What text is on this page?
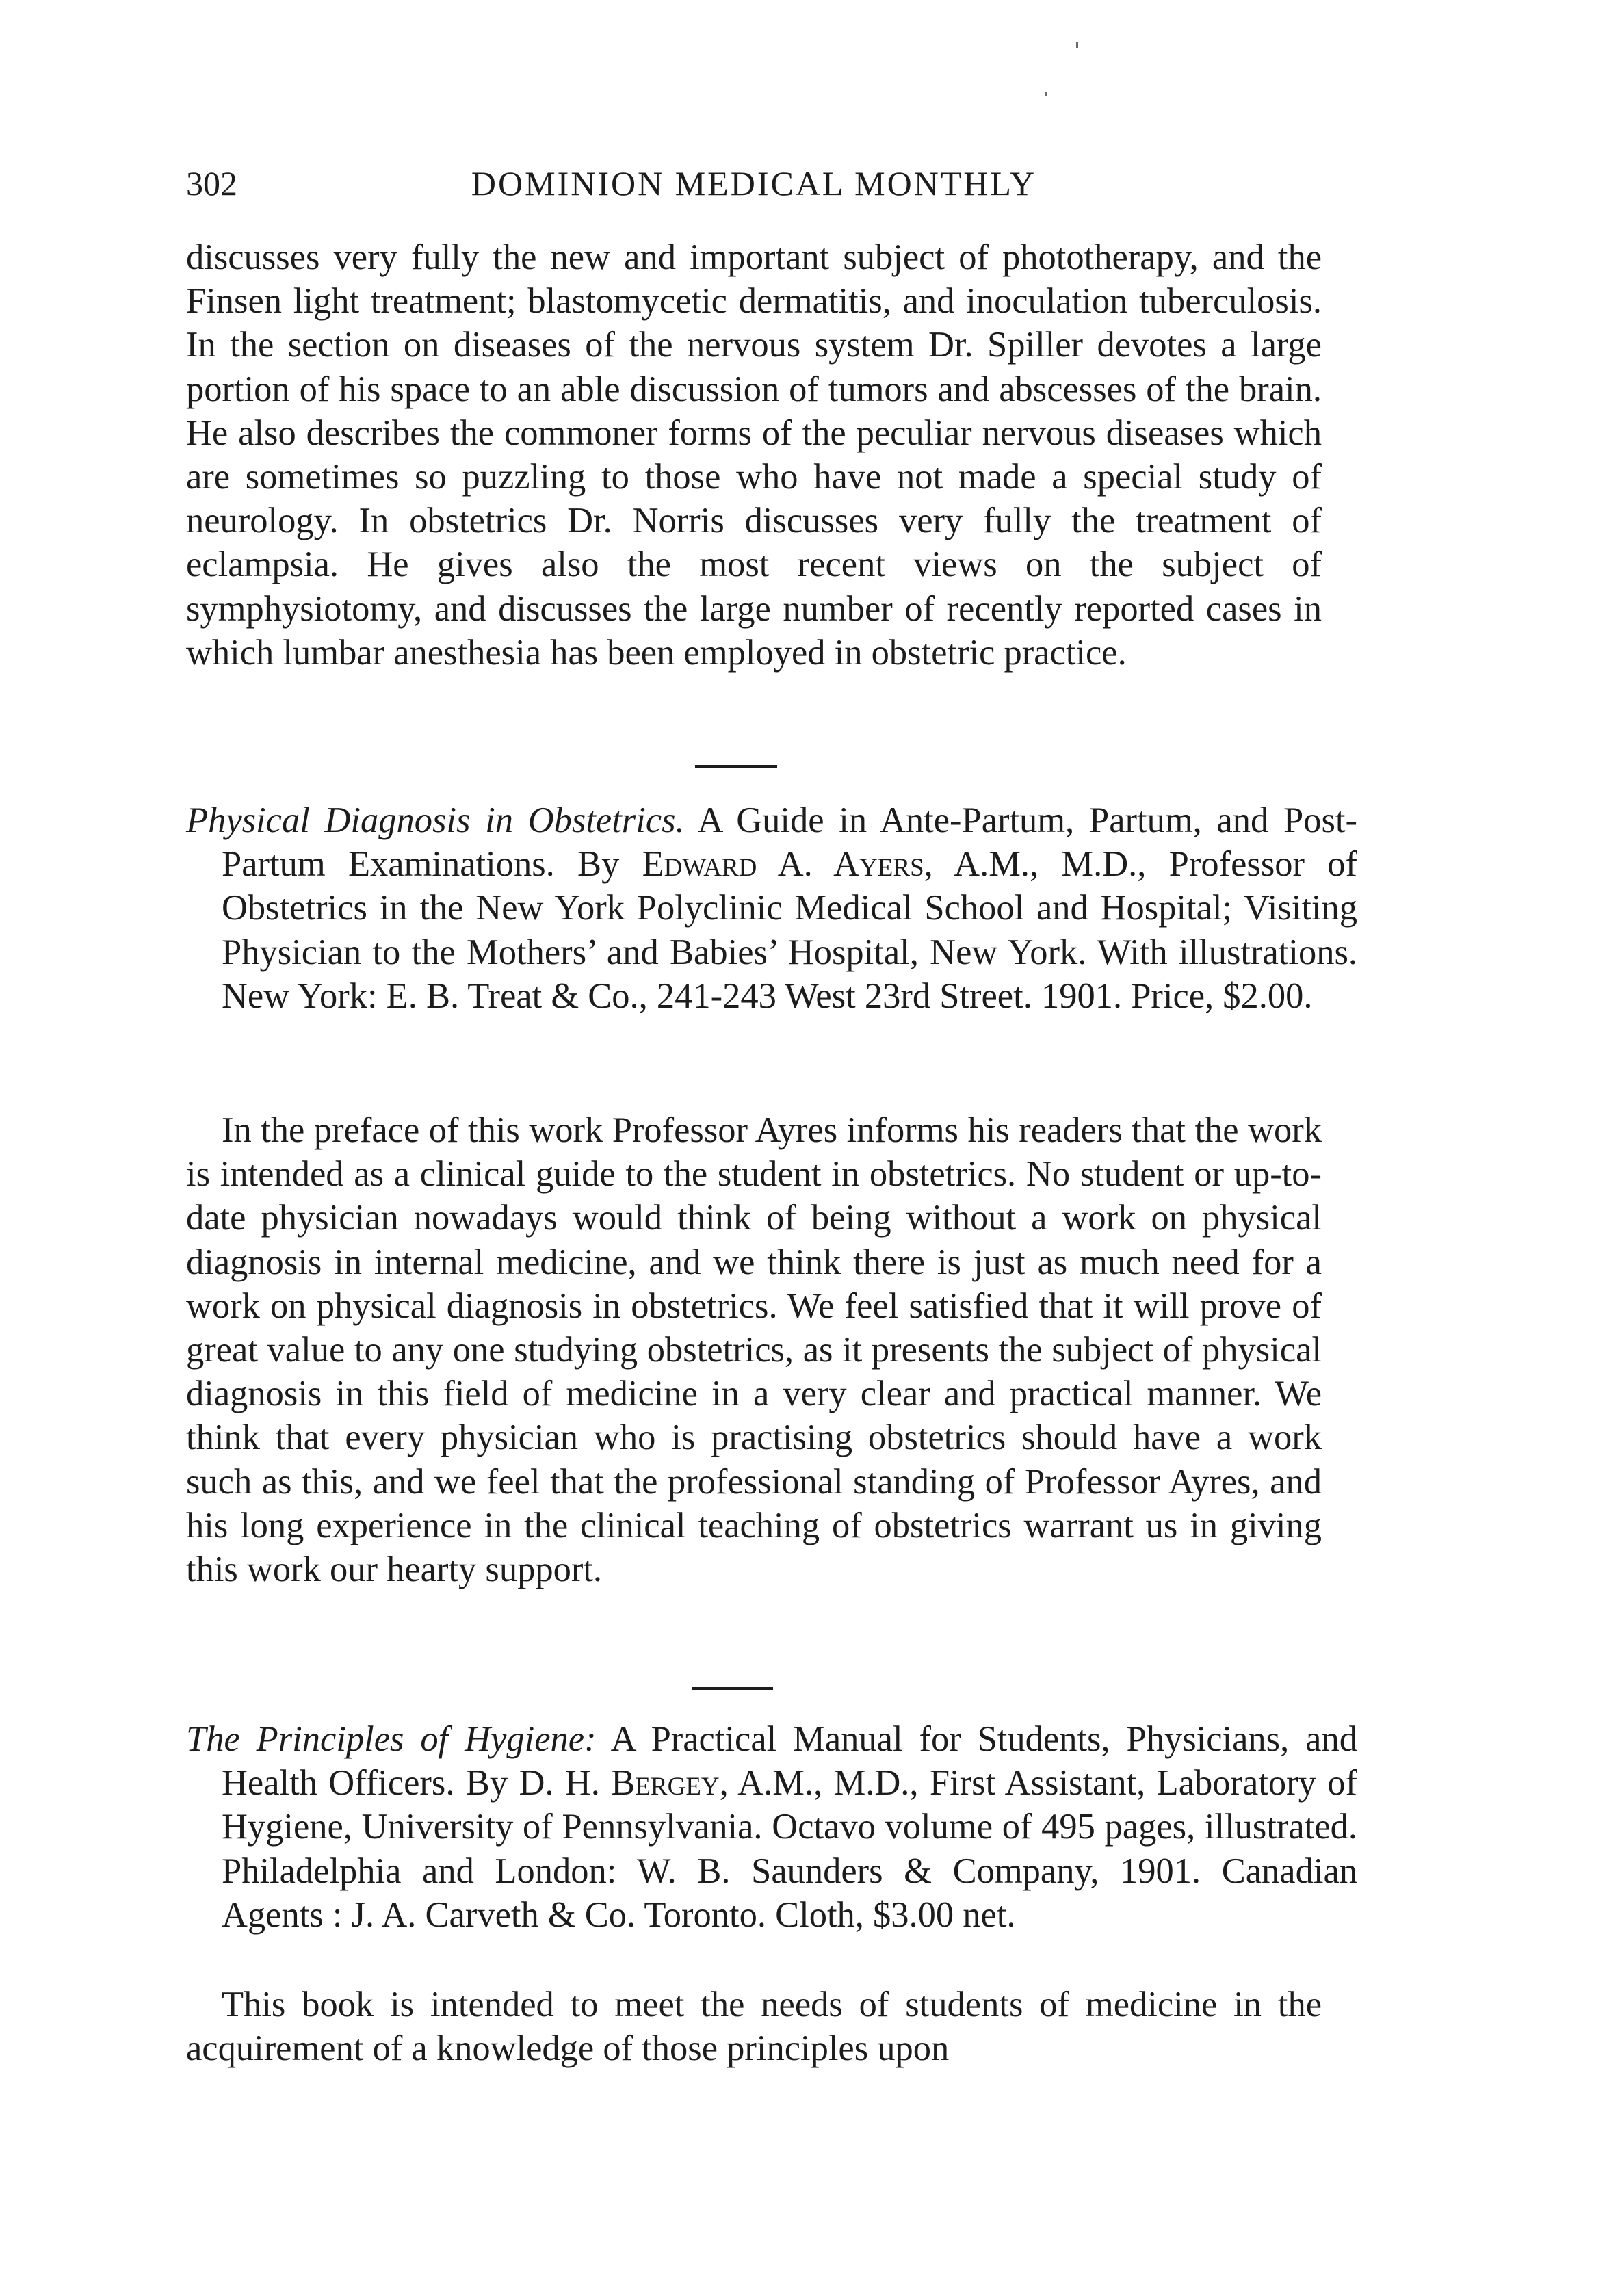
302	DOMINION MEDICAL MONTHLY
discusses very fully the new and important subject of phototherapy, and the Finsen light treatment; blastomycetic dermatitis, and inoculation tuberculosis. In the section on diseases of the nervous system Dr. Spiller devotes a large portion of his space to an able discussion of tumors and abscesses of the brain. He also describes the commoner forms of the peculiar nervous diseases which are sometimes so puzzling to those who have not made a special study of neurology. In obstetrics Dr. Norris discusses very fully the treatment of eclampsia. He gives also the most recent views on the subject of symphysiotomy, and discusses the large number of recently reported cases in which lumbar anesthesia has been employed in obstetric practice.
Physical Diagnosis in Obstetrics. A Guide in Ante-Partum, Partum, and Post-Partum Examinations. By Edward A. Ayers, A.M., M.D., Professor of Obstetrics in the New York Polyclinic Medical School and Hospital; Visiting Physician to the Mothers’ and Babies’ Hospital, New York. With illustrations. New York: E. B. Treat & Co., 241-243 West 23rd Street. 1901. Price, $2.00.
In the preface of this work Professor Ayres informs his readers that the work is intended as a clinical guide to the student in obstetrics. No student or up-to-date physician nowadays would think of being without a work on physical diagnosis in internal medicine, and we think there is just as much need for a work on physical diagnosis in obstetrics. We feel satisfied that it will prove of great value to any one studying obstetrics, as it presents the subject of physical diagnosis in this field of medicine in a very clear and practical manner. We think that every physician who is practising obstetrics should have a work such as this, and we feel that the professional standing of Professor Ayres, and his long experience in the clinical teaching of obstetrics warrant us in giving this work our hearty support.
The Principles of Hygiene: A Practical Manual for Students, Physicians, and Health Officers. By D. H. Bergey, A.M., M.D., First Assistant, Laboratory of Hygiene, University of Pennsylvania. Octavo volume of 495 pages, illustrated. Philadelphia and London: W. B. Saunders & Company, 1901. Canadian Agents : J. A. Carveth & Co. Toronto. Cloth, $3.00 net.
This book is intended to meet the needs of students of medicine in the acquirement of a knowledge of those principles upon
